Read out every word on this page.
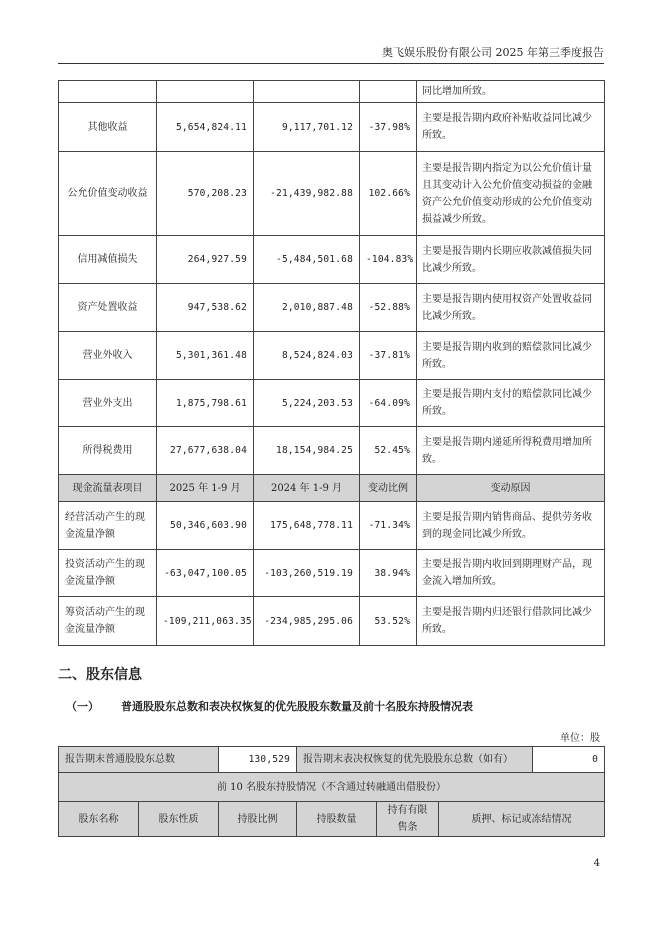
奥飞娱乐股份有限公司 2025 年第三季度报告
				同比增加所致。
其他收益	5,654,824.11	9,117,701.12	-37.98%	主要是报告期内政府补贴收益同比减少所致。
公允价值变动收益	570,208.23	-21,439,982.88	102.66%	主要是报告期内指定为以公允价值计量且其变动计入公允价值变动损益的金融资产公允价值变动形成的公允价值变动损益减少所致。
信用减值损失	264,927.59	-5,484,501.68	-104.83%	主要是报告期内长期应收款减值损失同比减少所致。
资产处置收益	947,538.62	2,010,887.48	-52.88%	主要是报告期内使用权资产处置收益同比减少所致。
营业外收入	5,301,361.48	8,524,824.03	-37.81%	主要是报告期内收到的赔偿款同比减少所致。
营业外支出	1,875,798.61	5,224,203.53	-64.09%	主要是报告期内支付的赔偿款同比减少所致。
所得税费用	27,677,638.04	18,154,984.25	52.45%	主要是报告期内递延所得税费用增加所致。
现金流量表项目	2025 年 1-9 月	2024 年 1-9 月	变动比例	变动原因
经营活动产生的现金流量净额	50,346,603.90	175,648,778.11	-71.34%	主要是报告期内销售商品、提供劳务收到的现金同比减少所致。
投资活动产生的现金流量净额	-63,047,100.05	-103,260,519.19	38.94%	主要是报告期内收回到期理财产品，现金流入增加所致。
筹资活动产生的现金流量净额	-109,211,063.35	-234,985,295.06	53.52%	主要是报告期内归还银行借款同比减少所致。
二、股东信息
（一） 普通股股东总数和表决权恢复的优先股股东数量及前十名股东持股情况表
单位：股
报告期末普通股股东总数		130,529	报告期末表决权恢复的优先股股东总数（如有）			0
前 10 名股东持股情况（不含通过转融通出借股份）						
股东名称	股东性质	持股比例	持股数量	持有有限售条	质押、标记或冻结情况	
4
